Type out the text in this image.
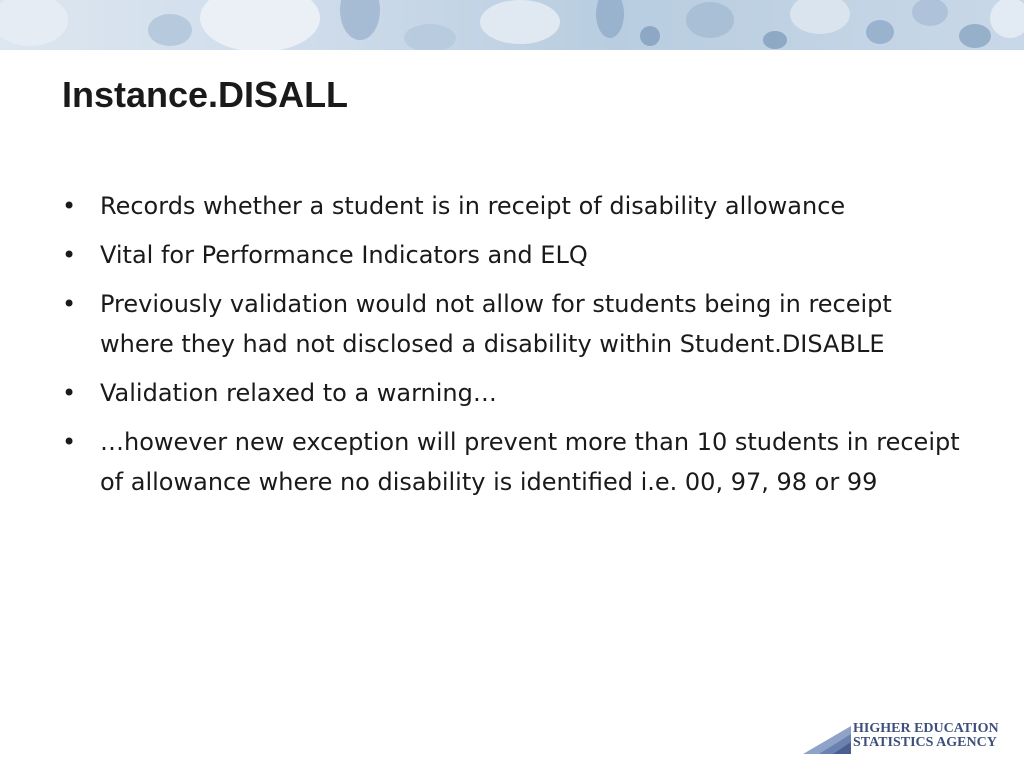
Instance.DISALL
• Records whether a student is in receipt of disability allowance
• Vital for Performance Indicators and ELQ
• Previously validation would not allow for students being in receipt where they had not disclosed a disability within Student.DISABLE
• Validation relaxed to a warning…
• …however new exception will prevent more than 10 students in receipt of allowance where no disability is identified i.e. 00, 97, 98 or 99
HIGHER EDUCATION
STATISTICS AGENCY
